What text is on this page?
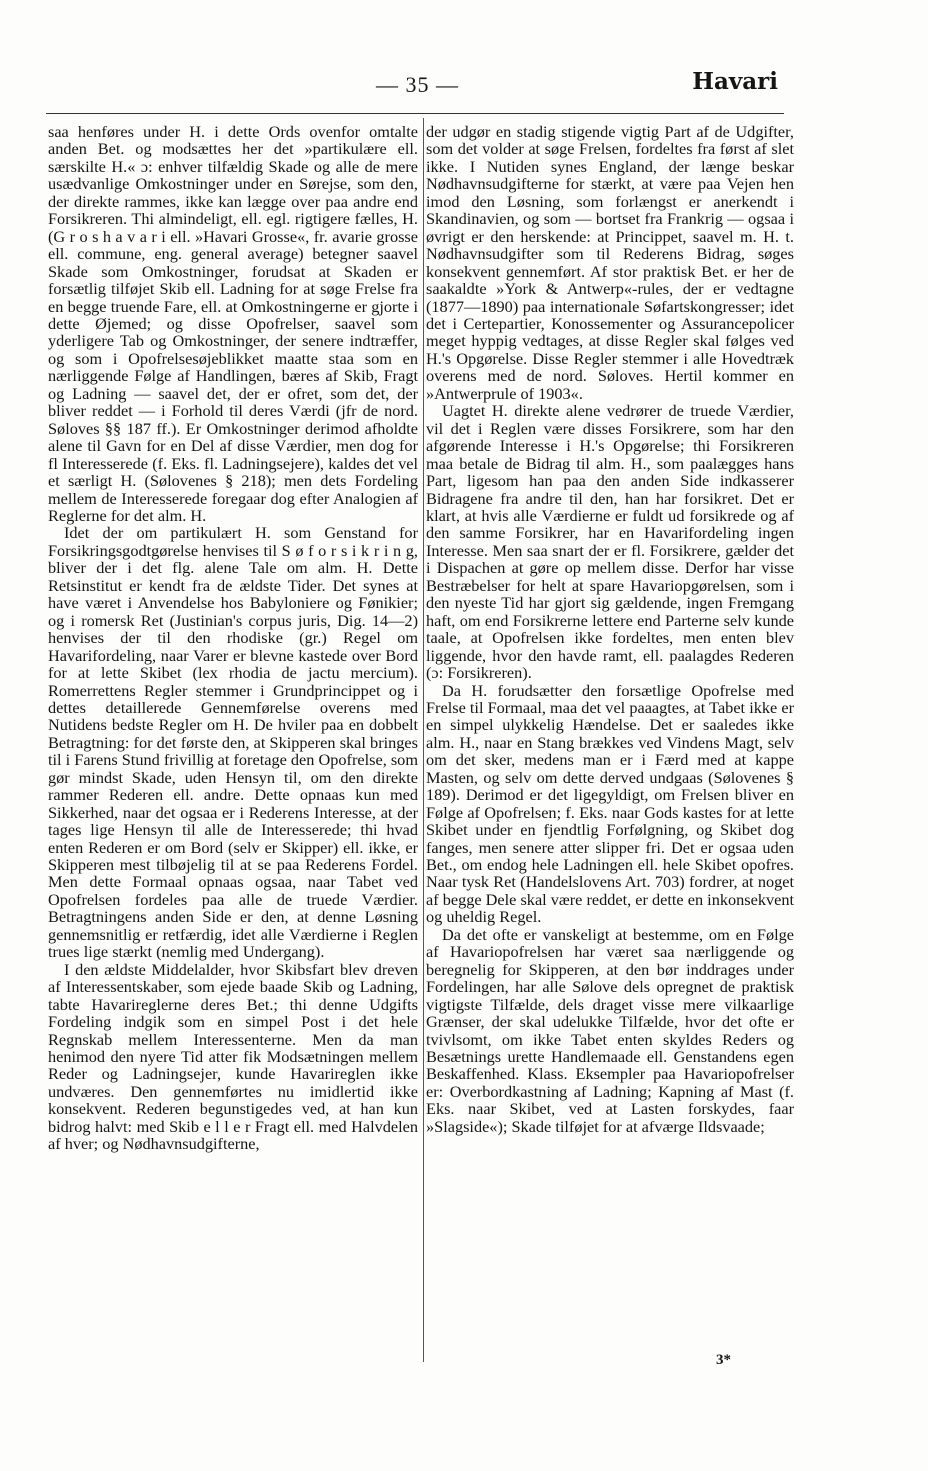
— 35 —	Havari

saa henføres under H. i dette Ords ovenfor omtalte anden Bet. og modsættes her det »partikulære ell. særskilte H.« ɔ: enhver tilfældig Skade og alle de mere usædvanlige Omkostninger under en Sørejse, som den, der direkte rammes, ikke kan lægge over paa andre end Forsikreren. Thi almindeligt, ell. egl. rigtigere fælles, H. (G r o s h a v a r i ell. »Havari Grosse«, fr. avarie grosse ell. commune, eng. general average) betegner saavel Skade som Omkostninger, forudsat at Skaden er forsætlig tilføjet Skib ell. Ladning for at søge Frelse fra en begge truende Fare, ell. at Omkostningerne er gjorte i dette Øjemed; og disse Opofrelser, saavel som yderligere Tab og Omkostninger, der senere indtræffer, og som i Opofrelsesøjeblikket maatte staa som en nærliggende Følge af Handlingen, bæres af Skib, Fragt og Ladning — saavel det, der er ofret, som det, der bliver reddet — i Forhold til deres Værdi (jfr de nord. Søloves §§ 187 ff.). Er Omkostninger derimod afholdte alene til Gavn for en Del af disse Værdier, men dog for fl Interesserede (f. Eks. fl. Ladningsejere), kaldes det vel et særligt H. (Sølovenes § 218); men dets Fordeling mellem de Interesserede foregaar dog efter Analogien af Reglerne for det alm. H.

Idet der om partikulært H. som Genstand for Forsikringsgodtgørelse henvises til S ø f o r s i k r i n g, bliver der i det flg. alene Tale om alm. H. Dette Retsinstitut er kendt fra de ældste Tider. Det synes at have været i Anvendelse hos Babyloniere og Fønikier; og i romersk Ret (Justinian's corpus juris, Dig. 14—2) henvises der til den rhodiske (gr.) Regel om Havarifordeling, naar Varer er blevne kastede over Bord for at lette Skibet (lex rhodia de jactu mercium). Romerrettens Regler stemmer i Grundprincippet og i dettes detaillerede Gennemførelse overens med Nutidens bedste Regler om H. De hviler paa en dobbelt Betragtning: for det første den, at Skipperen skal bringes til i Farens Stund frivillig at foretage den Opofrelse, som gør mindst Skade, uden Hensyn til, om den direkte rammer Rederen ell. andre. Dette opnaas kun med Sikkerhed, naar det ogsaa er i Rederens Interesse, at der tages lige Hensyn til alle de Interesserede; thi hvad enten Rederen er om Bord (selv er Skipper) ell. ikke, er Skipperen mest tilbøjelig til at se paa Rederens Fordel. Men dette Formaal opnaas ogsaa, naar Tabet ved Opofrelsen fordeles paa alle de truede Værdier. Betragtningens anden Side er den, at denne Løsning gennemsnitlig er retfærdig, idet alle Værdierne i Reglen trues lige stærkt (nemlig med Undergang).

I den ældste Middelalder, hvor Skibsfart blev dreven af Interessentskaber, som ejede baade Skib og Ladning, tabte Havarireglerne deres Bet.; thi denne Udgifts Fordeling indgik som en simpel Post i det hele Regnskab mellem Interessenterne. Men da man henimod den nyere Tid atter fik Modsætningen mellem Reder og Ladningsejer, kunde Havarireglen ikke undværes. Den gennemførtes nu imidlertid ikke konsekvent. Rederen begunstigedes ved, at han kun bidrog halvt: med Skib e l l e r Fragt ell. med Halvdelen af hver; og Nødhavnsudgifterne,

der udgør en stadig stigende vigtig Part af de Udgifter, som det volder at søge Frelsen, fordeltes fra først af slet ikke. I Nutiden synes England, der længe beskar Nødhavnsudgifterne for stærkt, at være paa Vejen hen imod den Løsning, som forlængst er anerkendt i Skandinavien, og som — bortset fra Frankrig — ogsaa i øvrigt er den herskende: at Princippet, saavel m. H. t. Nødhavnsudgifter som til Rederens Bidrag, søges konsekvent gennemført. Af stor praktisk Bet. er her de saakaldte »York & Antwerp«-rules, der er vedtagne (1877—1890) paa internationale Søfartskongresser; idet det i Certepartier, Konossementer og Assurancepolicer meget hyppig vedtages, at disse Regler skal følges ved H.'s Opgørelse. Disse Regler stemmer i alle Hovedtræk overens med de nord. Søloves. Hertil kommer en »Antwerprule of 1903«.

Uagtet H. direkte alene vedrører de truede Værdier, vil det i Reglen være disses Forsikrere, som har den afgørende Interesse i H.'s Opgørelse; thi Forsikreren maa betale de Bidrag til alm. H., som paalægges hans Part, ligesom han paa den anden Side indkasserer Bidragene fra andre til den, han har forsikret. Det er klart, at hvis alle Værdierne er fuldt ud forsikrede og af den samme Forsikrer, har en Havarifordeling ingen Interesse. Men saa snart der er fl. Forsikrere, gælder det i Dispachen at gøre op mellem disse. Derfor har visse Bestræbelser for helt at spare Havariopgørelsen, som i den nyeste Tid har gjort sig gældende, ingen Fremgang haft, om end Forsikrerne lettere end Parterne selv kunde taale, at Opofrelsen ikke fordeltes, men enten blev liggende, hvor den havde ramt, ell. paalagdes Rederen (ɔ: Forsikreren).

Da H. forudsætter den forsætlige Opofrelse med Frelse til Formaal, maa det vel paaagtes, at Tabet ikke er en simpel ulykkelig Hændelse. Det er saaledes ikke alm. H., naar en Stang brækkes ved Vindens Magt, selv om det sker, medens man er i Færd med at kappe Masten, og selv om dette derved undgaas (Sølovenes § 189). Derimod er det ligegyldigt, om Frelsen bliver en Følge af Opofrelsen; f. Eks. naar Gods kastes for at lette Skibet under en fjendtlig Forfølgning, og Skibet dog fanges, men senere atter slipper fri. Det er ogsaa uden Bet., om endog hele Ladningen ell. hele Skibet opofres. Naar tysk Ret (Handelslovens Art. 703) fordrer, at noget af begge Dele skal være reddet, er dette en inkonsekvent og uheldig Regel.

Da det ofte er vanskeligt at bestemme, om en Følge af Havariopofrelsen har været saa nærliggende og beregnelig for Skipperen, at den bør inddrages under Fordelingen, har alle Sølove dels opregnet de praktisk vigtigste Tilfælde, dels draget visse mere vilkaarlige Grænser, der skal udelukke Tilfælde, hvor det ofte er tvivlsomt, om ikke Tabet enten skyldes Reders og Besætnings urette Handlemaade ell. Genstandens egen Beskaffenhed. Klass. Eksempler paa Havariopofrelser er: Overbordkastning af Ladning; Kapning af Mast (f. Eks. naar Skibet, ved at Lasten forskydes, faar »Slagside«); Skade tilføjet for at afværge Ildsvaade;

3*
